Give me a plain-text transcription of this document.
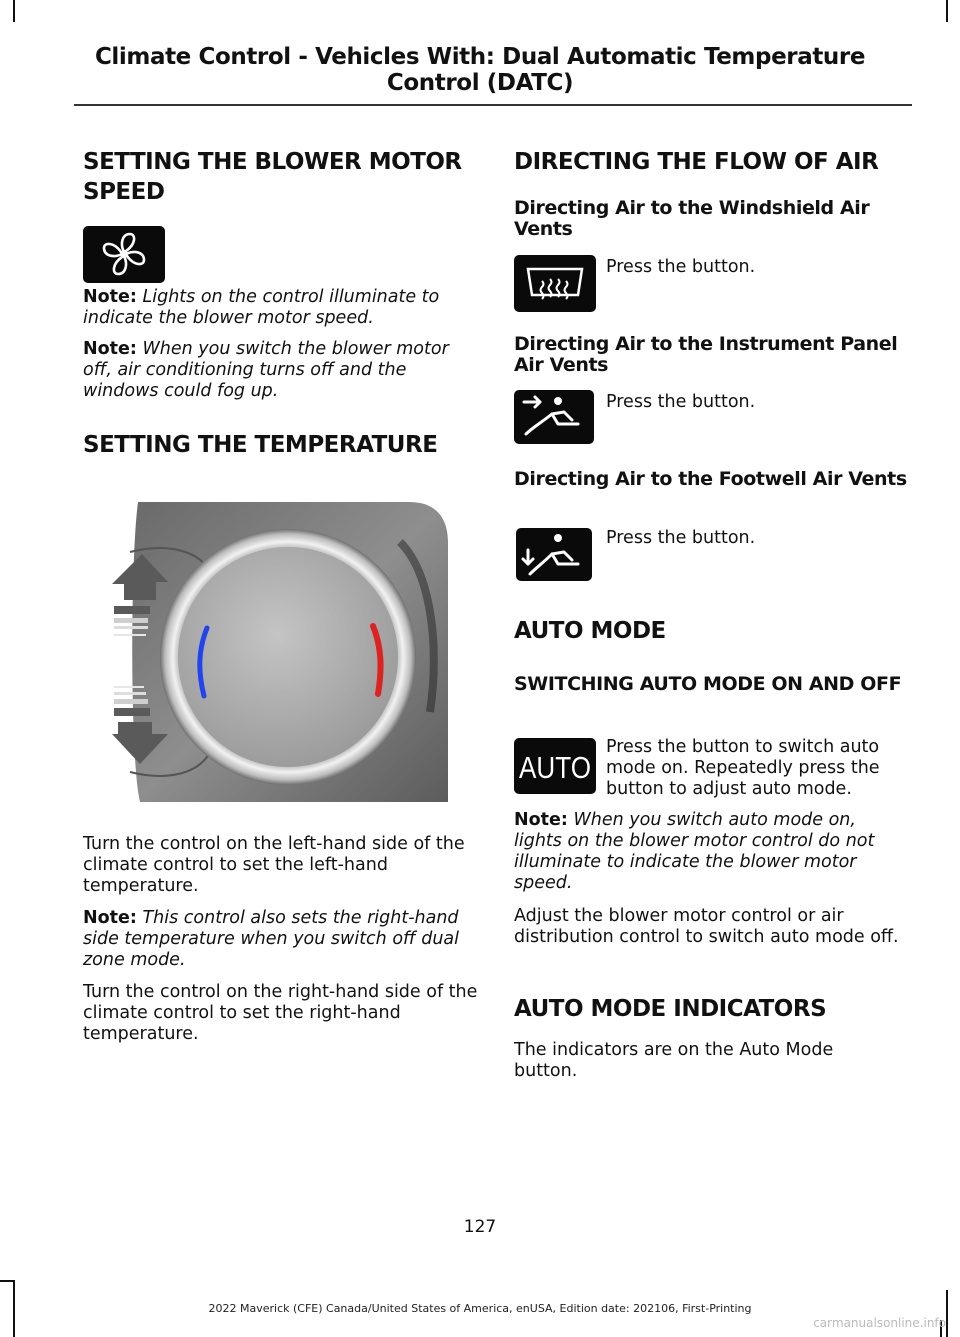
Climate Control - Vehicles With: Dual Automatic Temperature
Control (DATC)
SETTING THE BLOWER MOTOR
SPEED
Note: Lights on the control illuminate to indicate the blower motor speed.
Note: When you switch the blower motor off, air conditioning turns off and the windows could fog up.
SETTING THE TEMPERATURE
Turn the control on the left-hand side of the climate control to set the left-hand temperature.
Note: This control also sets the right-hand side temperature when you switch off dual zone mode.
Turn the control on the right-hand side of the climate control to set the right-hand temperature.
DIRECTING THE FLOW OF AIR
Directing Air to the Windshield Air Vents
Press the button.
Directing Air to the Instrument Panel Air Vents
Press the button.
Directing Air to the Footwell Air Vents
Press the button.
AUTO MODE
SWITCHING AUTO MODE ON AND OFF
AUTO
Press the button to switch auto mode on. Repeatedly press the button to adjust auto mode.
Note: When you switch auto mode on, lights on the blower motor control do not illuminate to indicate the blower motor speed.
Adjust the blower motor control or air distribution control to switch auto mode off.
AUTO MODE INDICATORS
The indicators are on the Auto Mode button.
127
2022 Maverick (CFE) Canada/United States of America, enUSA, Edition date: 202106, First-Printing
carmanualsonline.info
